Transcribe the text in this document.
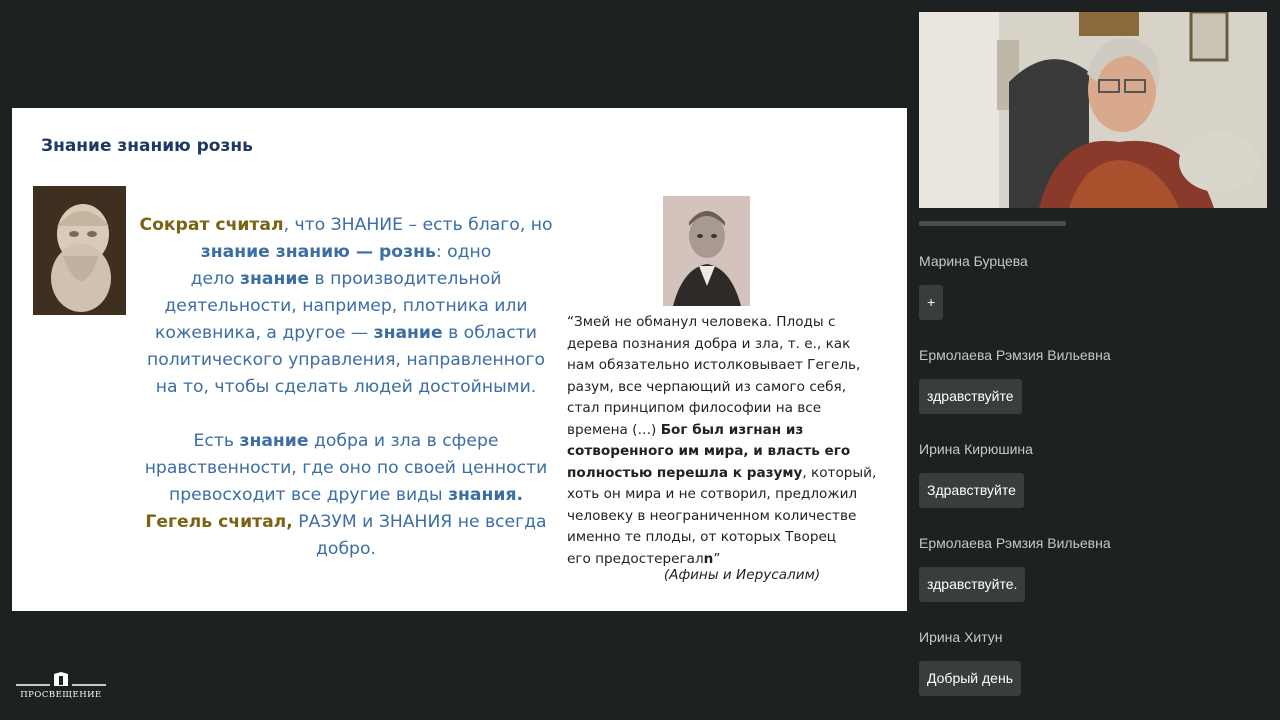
Знание знанию рознь
Сократ считал, что ЗНАНИЕ – есть благо, но
знание знанию — рознь: одно
дело знание в производительной
деятельности, например, плотника или
кожевника, а другое — знание в области
политического управления, направленного
на то, чтобы сделать людей достойными.
Есть знание добра и зла в сфере
нравственности, где оно по своей ценности
превосходит все другие виды знания.
Гегель считал, РАЗУМ и ЗНАНИЯ не всегда
добро.
“Змей не обманул человека. Плоды с
дерева познания добра и зла, т. е., как
нам обязательно истолковывает Гегель,
разум, все черпающий из самого себя,
стал принципом философии на все
времена (…) Бог был изгнан из
сотворенного им мира, и власть его
полностью перешла к разуму, который,
хоть он мира и не сотворил, предложил
человеку в неограниченном количестве
именно те плоды, от которых Творец
его предостерегалn”
(Афины и Иерусалим)
Марина Бурцева
+
Ермолаева Рэмзия Вильевна
здравствуйте
Ирина Кирюшина
Здравствуйте
Ермолаева Рэмзия Вильевна
здравствуйте.
Ирина Хитун
Добрый день
ПРОСВЕЩЕНИЕ
